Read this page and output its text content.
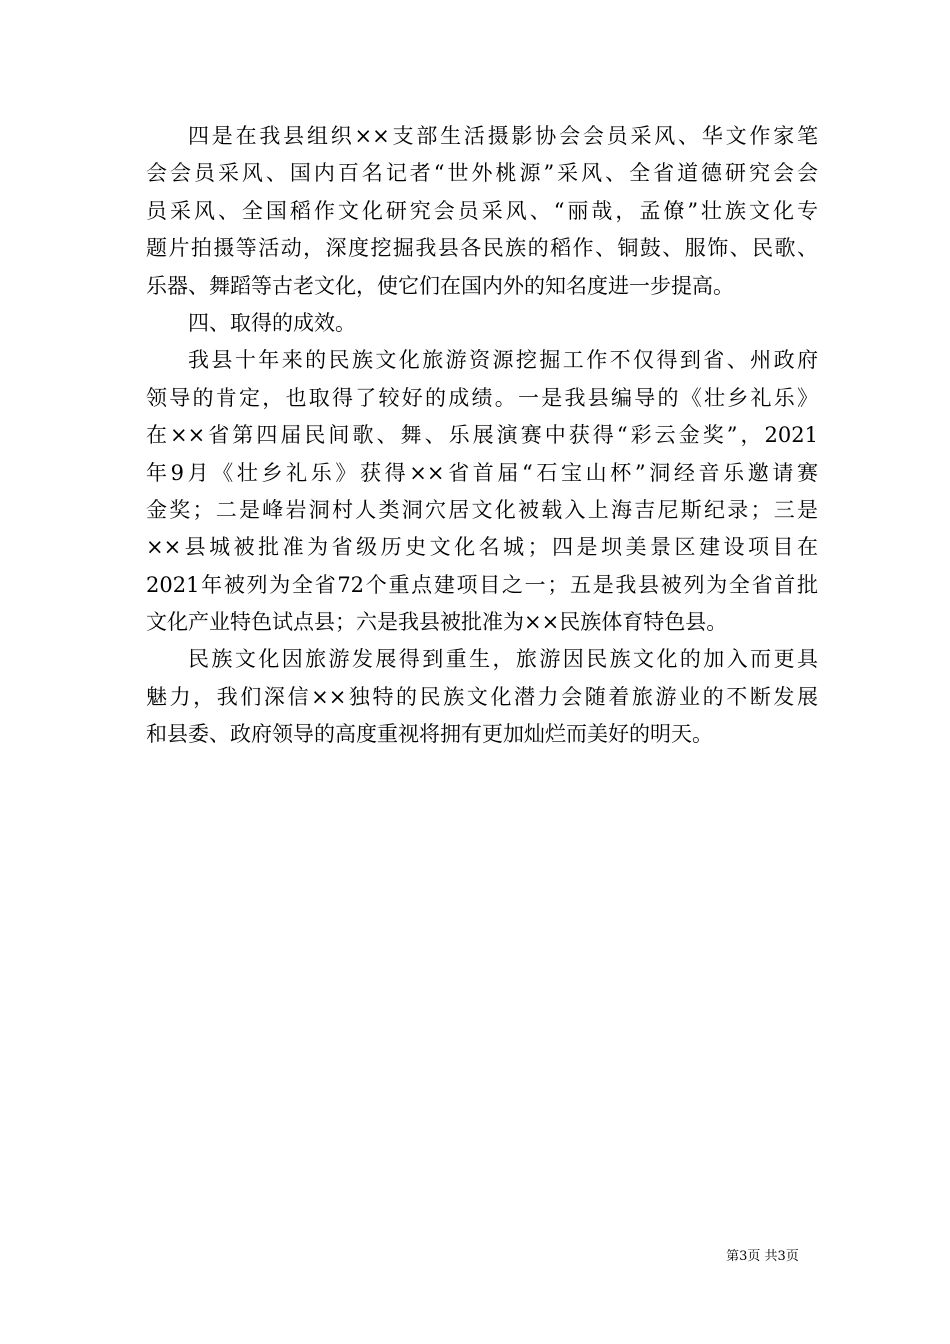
四是在我县组织××支部生活摄影协会会员采风、华文作家笔
会会员采风、国内百名记者“世外桃源”采风、全省道德研究会会
员采风、全国稻作文化研究会员采风、“丽哉，孟僚”壮族文化专
题片拍摄等活动，深度挖掘我县各民族的稻作、铜鼓、服饰、民歌、
乐器、舞蹈等古老文化，使它们在国内外的知名度进一步提高。
四、取得的成效。
我县十年来的民族文化旅游资源挖掘工作不仅得到省、州政府
领导的肯定，也取得了较好的成绩。一是我县编导的《壮乡礼乐》
在××省第四届民间歌、舞、乐展演赛中获得“彩云金奖”，2021
年9月《壮乡礼乐》获得××省首届“石宝山杯”洞经音乐邀请赛
金奖；二是峰岩洞村人类洞穴居文化被载入上海吉尼斯纪录；三是
××县城被批准为省级历史文化名城；四是坝美景区建设项目在
2021年被列为全省72个重点建项目之一；五是我县被列为全省首批
文化产业特色试点县；六是我县被批准为××民族体育特色县。
民族文化因旅游发展得到重生，旅游因民族文化的加入而更具
魅力，我们深信××独特的民族文化潜力会随着旅游业的不断发展
和县委、政府领导的高度重视将拥有更加灿烂而美好的明天。
第3页 共3页
